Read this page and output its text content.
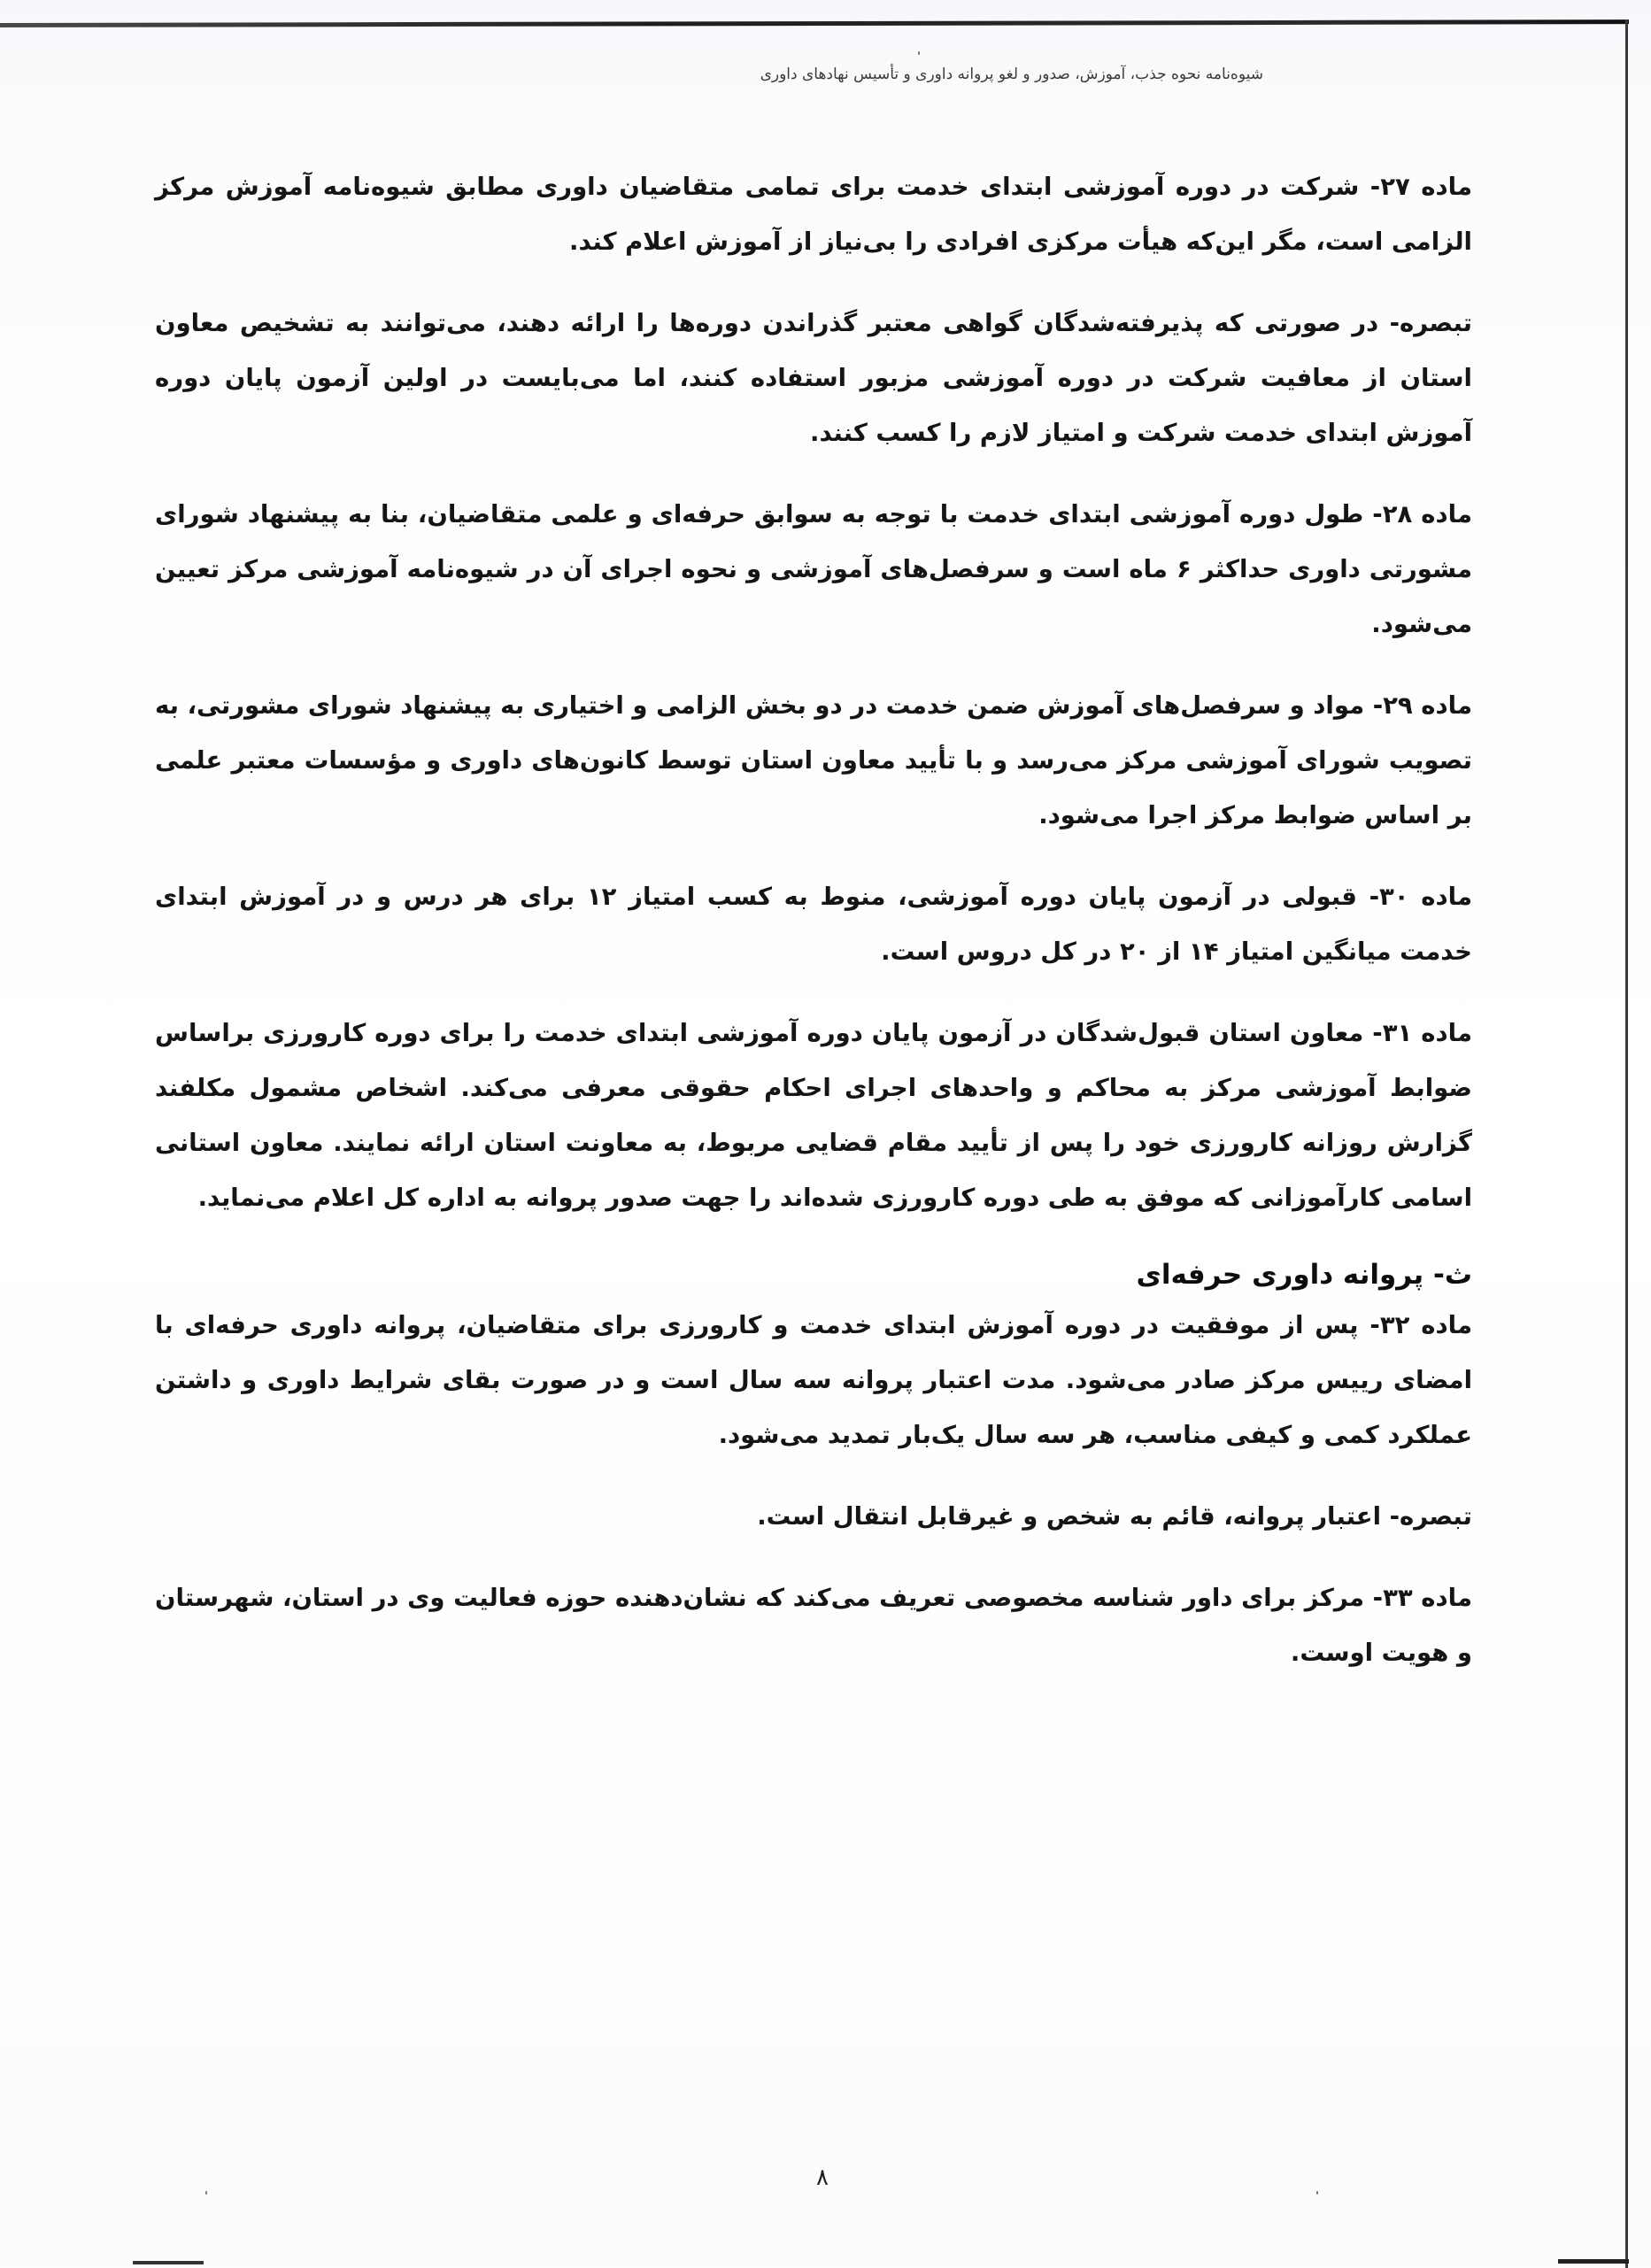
شیوه‌نامه نحوه جذب، آموزش، صدور و لغو پروانه داوری و تأسیس نهادهای داوری

ماده ۲۷- شرکت در دوره آموزشی ابتدای خدمت برای تمامی متقاضیان داوری مطابق شیوه‌نامه آموزش مرکز الزامی است، مگر این‌که هیأت مرکزی افرادی را بی‌نیاز از آموزش اعلام کند.

تبصره- در صورتی که پذیرفته‌شدگان گواهی معتبر گذراندن دوره‌ها را ارائه دهند، می‌توانند به تشخیص معاون استان از معافیت شرکت در دوره آموزشی مزبور استفاده کنند، اما می‌بایست در اولین آزمون پایان دوره آموزش ابتدای خدمت شرکت و امتیاز لازم را کسب کنند.

ماده ۲۸- طول دوره آموزشی ابتدای خدمت با توجه به سوابق حرفه‌ای و علمی متقاضیان، بنا به پیشنهاد شورای مشورتی داوری حداکثر ۶ ماه است و سرفصل‌های آموزشی و نحوه اجرای آن در شیوه‌نامه آموزشی مرکز تعیین می‌شود.

ماده ۲۹- مواد و سرفصل‌های آموزش ضمن خدمت در دو بخش الزامی و اختیاری به پیشنهاد شورای مشورتی، به تصویب شورای آموزشی مرکز می‌رسد و با تأیید معاون استان توسط کانون‌های داوری و مؤسسات معتبر علمی بر اساس ضوابط مرکز اجرا می‌شود.

ماده ۳۰- قبولی در آزمون پایان دوره آموزشی، منوط به کسب امتیاز ۱۲ برای هر درس و در آموزش ابتدای خدمت میانگین امتیاز ۱۴ از ۲۰ در کل دروس است.

ماده ۳۱- معاون استان قبول‌شدگان در آزمون پایان دوره آموزشی ابتدای خدمت را برای دوره کارورزی براساس ضوابط آموزشی مرکز به محاکم و واحدهای اجرای احکام حقوقی معرفی می‌کند. اشخاص مشمول مکلفند گزارش روزانه کارورزی خود را پس از تأیید مقام قضایی مربوط، به معاونت استان ارائه نمایند. معاون استانی اسامی کارآموزانی که موفق به طی دوره کارورزی شده‌اند را جهت صدور پروانه به اداره کل اعلام می‌نماید.

ث- پروانه داوری حرفه‌ای

ماده ۳۲- پس از موفقیت در دوره آموزش ابتدای خدمت و کارورزی برای متقاضیان، پروانه داوری حرفه‌ای با امضای رییس مرکز صادر می‌شود. مدت اعتبار پروانه سه سال است و در صورت بقای شرایط داوری و داشتن عملکرد کمی و کیفی مناسب، هر سه سال یک‌بار تمدید می‌شود.

تبصره- اعتبار پروانه، قائم به شخص و غیرقابل انتقال است.

ماده ۳۳- مرکز برای داور شناسه مخصوصی تعریف می‌کند که نشان‌دهنده حوزه فعالیت وی در استان، شهرستان و هویت اوست.

۸
